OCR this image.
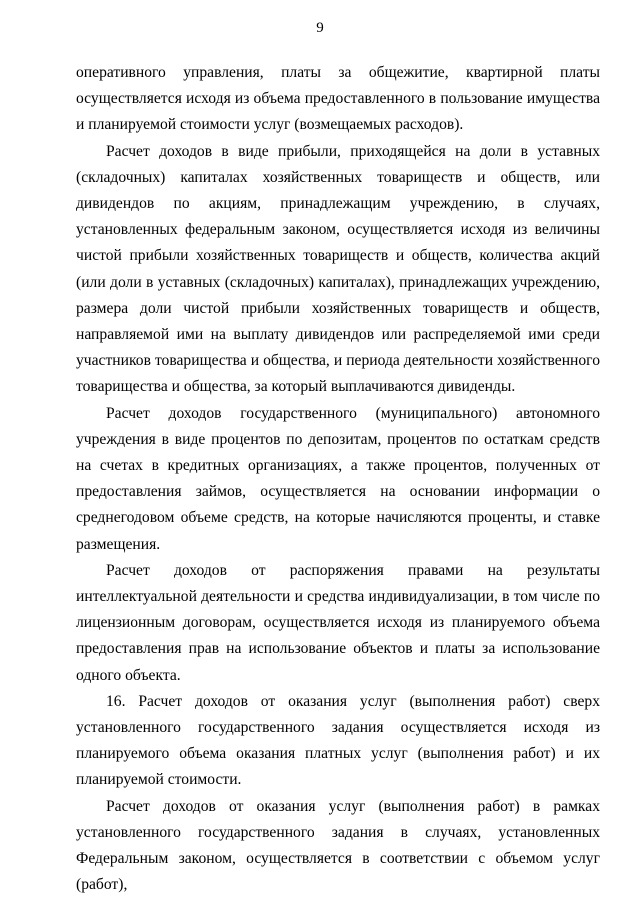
9

оперативного управления, платы за общежитие, квартирной платы осуществляется исходя из объема предоставленного в пользование имущества и планируемой стоимости услуг (возмещаемых расходов).

Расчет доходов в виде прибыли, приходящейся на доли в уставных (складочных) капиталах хозяйственных товариществ и обществ, или дивидендов по акциям, принадлежащим учреждению, в случаях, установленных федеральным законом, осуществляется исходя из величины чистой прибыли хозяйственных товариществ и обществ, количества акций (или доли в уставных (складочных) капиталах), принадлежащих учреждению, размера доли чистой прибыли хозяйственных товариществ и обществ, направляемой ими на выплату дивидендов или распределяемой ими среди участников товарищества и общества, и периода деятельности хозяйственного товарищества и общества, за который выплачиваются дивиденды.

Расчет доходов государственного (муниципального) автономного учреждения в виде процентов по депозитам, процентов по остаткам средств на счетах в кредитных организациях, а также процентов, полученных от предоставления займов, осуществляется на основании информации о среднегодовом объеме средств, на которые начисляются проценты, и ставке размещения.

Расчет доходов от распоряжения правами на результаты интеллектуальной деятельности и средства индивидуализации, в том числе по лицензионным договорам, осуществляется исходя из планируемого объема предоставления прав на использование объектов и платы за использование одного объекта.

16. Расчет доходов от оказания услуг (выполнения работ) сверх установленного государственного задания осуществляется исходя из планируемого объема оказания платных услуг (выполнения работ) и их планируемой стоимости.

Расчет доходов от оказания услуг (выполнения работ) в рамках установленного государственного задания в случаях, установленных Федеральным законом, осуществляется в соответствии с объемом услуг (работ),
